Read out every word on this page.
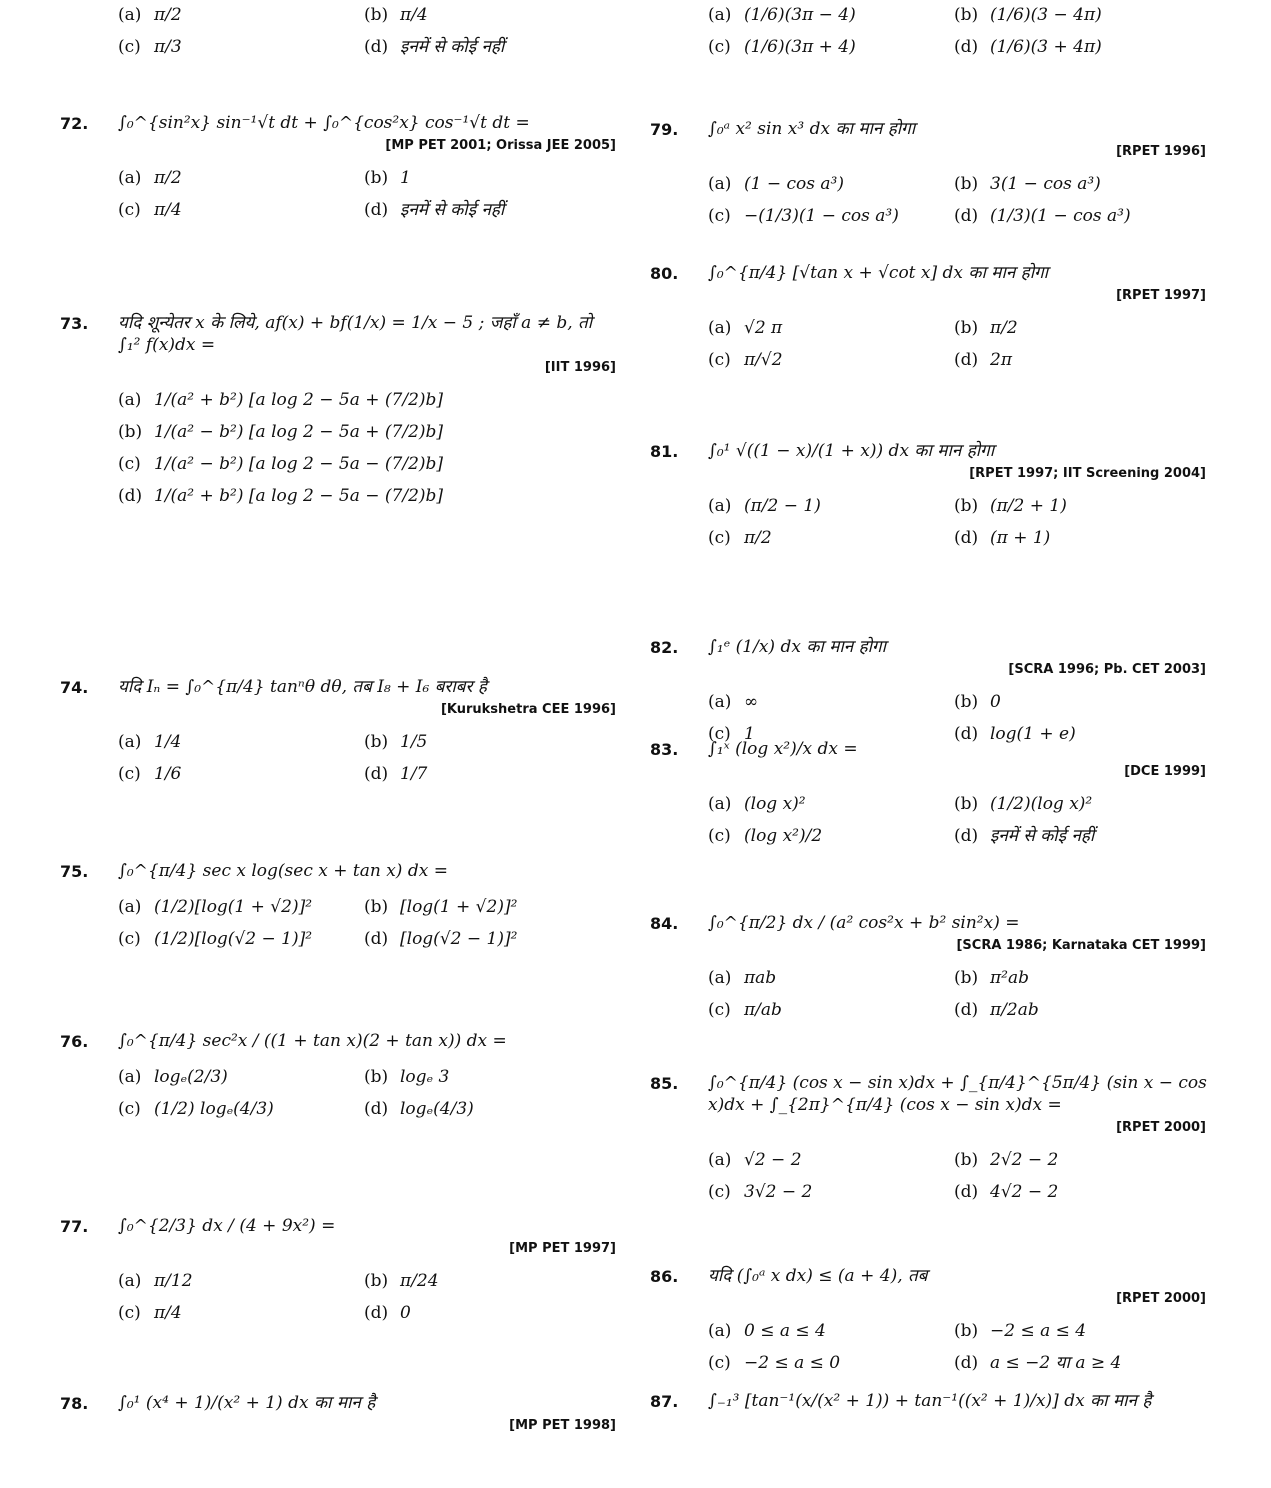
(a) π/2	(b) π/4
(c) π/3	(d) इनमें से कोई नहीं
72.	∫₀^{sin²x} sin⁻¹√t dt + ∫₀^{cos²x} cos⁻¹√t dt =
[MP PET 2001; Orissa JEE 2005]
(a) π/2	(b) 1
(c) π/4	(d) इनमें से कोई नहीं
73.	यदि शून्येतर x के लिये, af(x) + bf(1/x) = 1/x − 5 ; जहाँ a ≠ b, तो ∫₁² f(x)dx =
[IIT 1996]
(a) 1/(a² + b²) [a log 2 − 5a + (7/2)b]
(b) 1/(a² − b²) [a log 2 − 5a + (7/2)b]
(c) 1/(a² − b²) [a log 2 − 5a − (7/2)b]
(d) 1/(a² + b²) [a log 2 − 5a − (7/2)b]
74.	यदि Iₙ = ∫₀^{π/4} tanⁿθ dθ, तब I₈ + I₆ बराबर है
[Kurukshetra CEE 1996]
(a) 1/4	(b) 1/5
(c) 1/6	(d) 1/7
75.	∫₀^{π/4} sec x log(sec x + tan x) dx =
(a) (1/2)[log(1 + √2)]²	(b) [log(1 + √2)]²
(c) (1/2)[log(√2 − 1)]²	(d) [log(√2 − 1)]²
76.	∫₀^{π/4} sec²x / ((1 + tan x)(2 + tan x)) dx =
(a) logₑ(2/3)	(b) logₑ 3
(c) (1/2) logₑ(4/3)	(d) logₑ(4/3)
77.	∫₀^{2/3} dx / (4 + 9x²) =
[MP PET 1997]
(a) π/12	(b) π/24
(c) π/4	(d) 0
78.	∫₀¹ (x⁴ + 1)/(x² + 1) dx का मान है
[MP PET 1998]
(a) (1/6)(3π − 4)	(b) (1/6)(3 − 4π)
(c) (1/6)(3π + 4)	(d) (1/6)(3 + 4π)
79.	∫₀ᵃ x² sin x³ dx का मान होगा
[RPET 1996]
(a) (1 − cos a³)	(b) 3(1 − cos a³)
(c) −(1/3)(1 − cos a³)	(d) (1/3)(1 − cos a³)
80.	∫₀^{π/4} [√tan x + √cot x] dx का मान होगा
[RPET 1997]
(a) √2 π	(b) π/2
(c) π/√2	(d) 2π
81.	∫₀¹ √((1 − x)/(1 + x)) dx का मान होगा
[RPET 1997; IIT Screening 2004]
(a) (π/2 − 1)	(b) (π/2 + 1)
(c) π/2	(d) (π + 1)
82.	∫₁ᵉ (1/x) dx का मान होगा
[SCRA 1996; Pb. CET 2003]
(a) ∞	(b) 0
(c) 1	(d) log(1 + e)
83.	∫₁ˣ (log x²)/x dx =
[DCE 1999]
(a) (log x)²	(b) (1/2)(log x)²
(c) (log x²)/2	(d) इनमें से कोई नहीं
84.	∫₀^{π/2} dx / (a² cos²x + b² sin²x) =
[SCRA 1986; Karnataka CET 1999]
(a) πab	(b) π²ab
(c) π/ab	(d) π/2ab
85.	∫₀^{π/4} (cos x − sin x)dx + ∫_{π/4}^{5π/4} (sin x − cos x)dx + ∫_{2π}^{π/4} (cos x − sin x)dx =
[RPET 2000]
(a) √2 − 2	(b) 2√2 − 2
(c) 3√2 − 2	(d) 4√2 − 2
86.	यदि (∫₀ᵃ x dx) ≤ (a + 4), तब
[RPET 2000]
(a) 0 ≤ a ≤ 4	(b) −2 ≤ a ≤ 4
(c) −2 ≤ a ≤ 0	(d) a ≤ −2 या a ≥ 4
87.	∫₋₁³ [tan⁻¹(x/(x² + 1)) + tan⁻¹((x² + 1)/x)] dx का मान है
